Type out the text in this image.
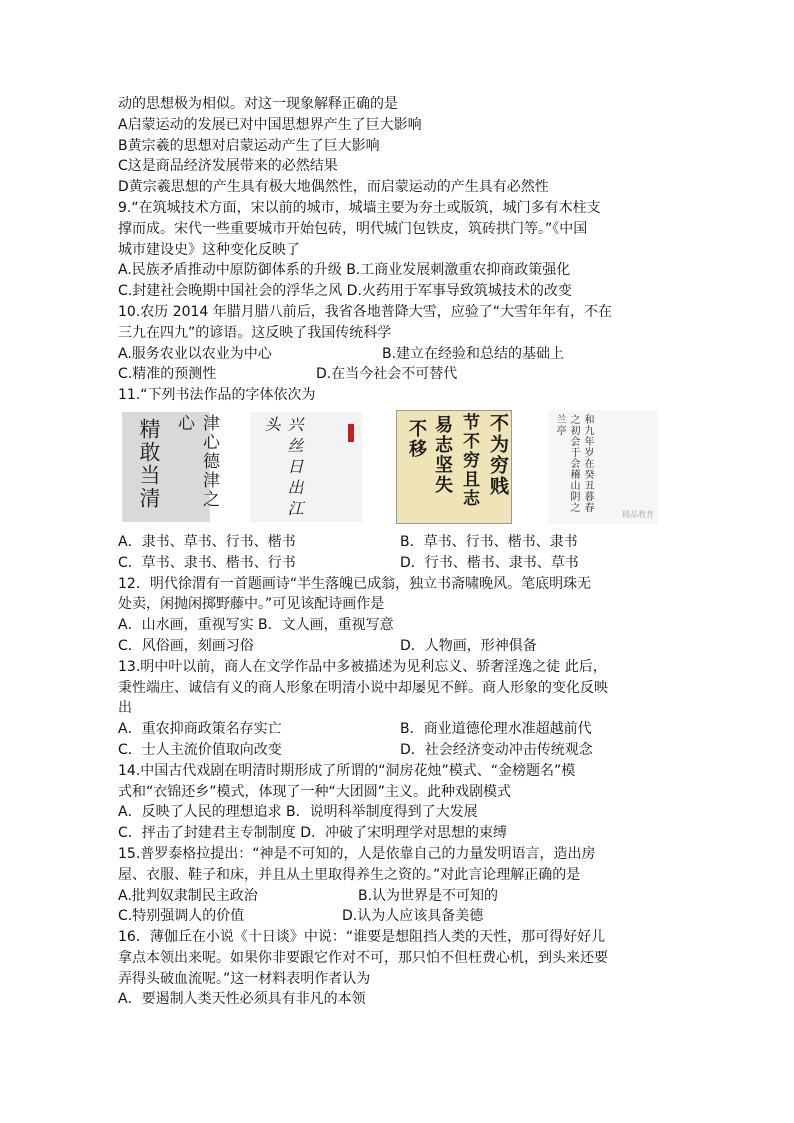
动的思想极为相似。对这一现象解释正确的是
A启蒙运动的发展已对中国思想界产生了巨大影响
B黄宗羲的思想对启蒙运动产生了巨大影响
C这是商品经济发展带来的必然结果
D黄宗羲思想的产生具有极大地偶然性，而启蒙运动的产生具有必然性
9.“在筑城技术方面，宋以前的城市，城墙主要为夯土或版筑，城门多有木柱支
撑而成。宋代一些重要城市开始包砖，明代城门包铁皮，筑砖拱门等。”《中国
城市建设史》这种变化反映了
A.民族矛盾推动中原防御体系的升级 B.工商业发展刺激重农抑商政策强化
C.封建社会晚期中国社会的浮华之风 D.火药用于军事导致筑城技术的改变
10.农历 2014 年腊月腊八前后，我省各地普降大雪，应验了“大雪年年有，不在
三九在四九”的谚语。这反映了我国传统科学
A.服务农业以农业为中心	B.建立在经验和总结的基础上
C.精准的预测性	D.在当今社会不可替代
11.“下列书法作品的字体依次为
精敢当清	津心德津之心	兴丝日出江头	不移 易志坚失 节不穷且志 不为穷贱	和九年岁在癸丑暮春之初会于会稽山阴之兰亭
精品教育
A．隶书、草书、行书、楷书	B．草书、行书、楷书、隶书
C．草书、隶书、楷书、行书	D．行书、楷书、隶书、草书
12．明代徐渭有一首题画诗“半生落魄已成翁，独立书斋啸晚风。笔底明珠无
处卖，闲抛闲掷野藤中。”可见该配诗画作是
A．山水画，重视写实 B．文人画，重视写意
C．风俗画，刻画习俗	D．人物画，形神俱备
13.明中叶以前，商人在文学作品中多被描述为见利忘义、骄奢淫逸之徒 此后，
秉性端庄、诚信有义的商人形象在明清小说中却屡见不鲜。商人形象的变化反映
出
A．重农抑商政策名存实亡	B．商业道德伦理水准超越前代
C．士人主流价值取向改变	D．社会经济变动冲击传统观念
14.中国古代戏剧在明清时期形成了所谓的“洞房花烛”模式、“金榜题名”模
式和“衣锦还乡”模式，体现了一种“大团圆”主义。此种戏剧模式
A．反映了人民的理想追求 B．说明科举制度得到了大发展
C．抨击了封建君主专制制度 D．冲破了宋明理学对思想的束缚
15.普罗泰格拉提出：“神是不可知的，人是依靠自己的力量发明语言，造出房
屋、衣服、鞋子和床，并且从土里取得养生之资的。”对此言论理解正确的是
A.批判奴隶制民主政治	B.认为世界是不可知的
C.特别强调人的价值	D.认为人应该具备美德
16．薄伽丘在小说《十日谈》中说：“谁要是想阻挡人类的天性，那可得好好儿
拿点本领出来呢。如果你非要跟它作对不可，那只怕不但枉费心机，到头来还要
弄得头破血流呢。”这一材料表明作者认为
A．要遏制人类天性必须具有非凡的本领
